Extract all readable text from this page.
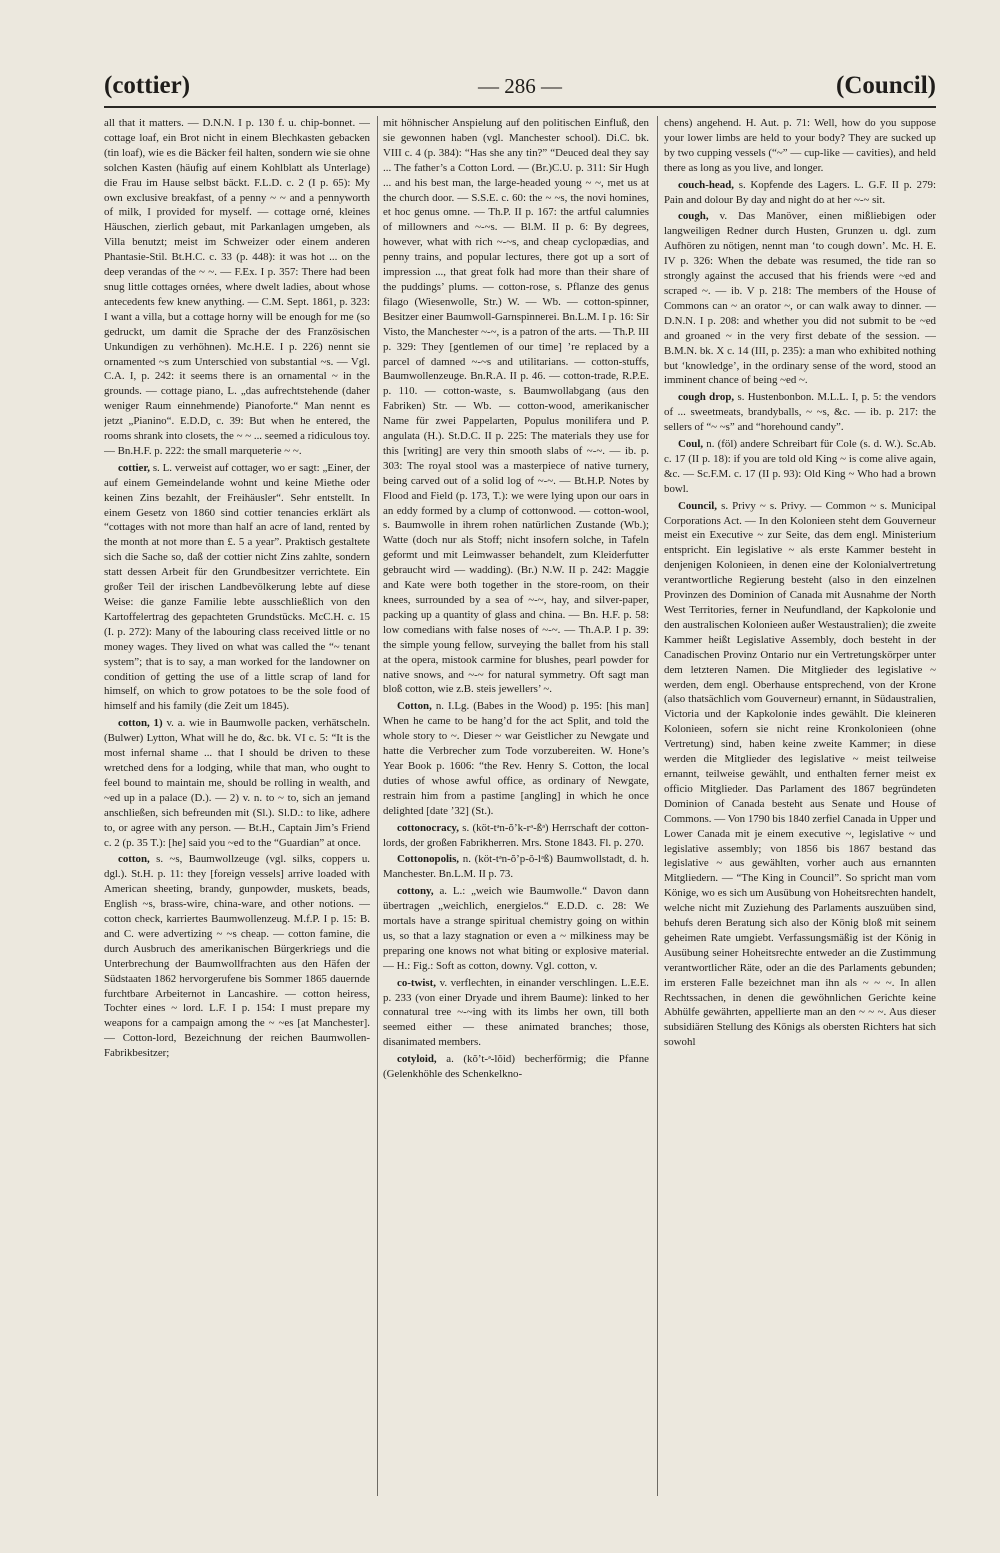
(cottier)	— 286 —	(Council)

all that it matters. — D.N.N. I p. 130 f. u. chip-bonnet. — cottage loaf, ein Brot nicht in einem Blechkasten gebacken (tin loaf), wie es die Bäcker feil halten, sondern wie sie ohne solchen Kasten (häufig auf einem Kohlblatt als Unterlage) die Frau im Hause selbst bäckt. F.L.D. c. 2 (I p. 65): My own exclusive breakfast, of a penny ~ ~ and a pennyworth of milk, I provided for myself. — cottage orné, kleines Häuschen, zierlich gebaut, mit Parkanlagen umgeben, als Villa benutzt; meist im Schweizer oder einem anderen Phantasie-Stil. Bt.H.C. c. 33 (p. 448): it was hot ... on the deep verandas of the ~ ~. — F.Ex. I p. 357: There had been snug little cottages ornées, where dwelt ladies, about whose antecedents few knew anything. — C.M. Sept. 1861, p. 323: I want a villa, but a cottage horny will be enough for me (so gedruckt, um damit die Sprache der des Französischen Unkundigen zu verhöhnen). Mc.H.E. I p. 226) nennt sie ornamented ~s zum Unterschied von substantial ~s. — Vgl. C.A. I, p. 242: it seems there is an ornamental ~ in the grounds. — cottage piano, L. „das aufrechtstehende (daher weniger Raum einnehmende) Pianoforte.“ Man nennt es jetzt „Pianino“. E.D.D, c. 39: But when he entered, the rooms shrank into closets, the ~ ~ ... seemed a ridiculous toy. — Bn.H.F. p. 222: the small marqueterie ~ ~.

cottier, s. L. verweist auf cottager, wo er sagt: „Einer, der auf einem Gemeindelande wohnt und keine Miethe oder keinen Zins bezahlt, der Freihäusler“. Sehr entstellt. In einem Gesetz von 1860 sind cottier tenancies erklärt als “cottages with not more than half an acre of land, rented by the month at not more than £. 5 a year”. Praktisch gestaltete sich die Sache so, daß der cottier nicht Zins zahlte, sondern statt dessen Arbeit für den Grundbesitzer verrichtete. Ein großer Teil der irischen Landbevölkerung lebte auf diese Weise: die ganze Familie lebte ausschließlich von den Kartoffelertrag des gepachteten Grundstücks. McC.H. c. 15 (I. p. 272): Many of the labouring class received little or no money wages. They lived on what was called the “~ tenant system”; that is to say, a man worked for the landowner on condition of getting the use of a little scrap of land for himself, on which to grow potatoes to be the sole food of himself and his family (die Zeit um 1845).

cotton, 1) v. a. wie in Baumwolle packen, verhätscheln. (Bulwer) Lytton, What will he do, &c. bk. VI c. 5: “It is the most infernal shame ... that I should be driven to these wretched dens for a lodging, while that man, who ought to feel bound to maintain me, should be rolling in wealth, and ~ed up in a palace (D.). — 2) v. n. to ~ to, sich an jemand anschließen, sich befreunden mit (Sl.). Sl.D.: to like, adhere to, or agree with any person. — Bt.H., Captain Jim’s Friend c. 2 (p. 35 T.): [he] said you ~ed to the “Guardian” at once.

cotton, s. ~s, Baumwollzeuge (vgl. silks, coppers u. dgl.). St.H. p. 11: they [foreign vessels] arrive loaded with American sheeting, brandy, gunpowder, muskets, beads, English ~s, brass-wire, china-ware, and other notions. — cotton check, karriertes Baumwollenzeug. M.f.P. I p. 15: B. and C. were advertizing ~ ~s cheap. — cotton famine, die durch Ausbruch des amerikanischen Bürgerkriegs und die Unterbrechung der Baumwollfrachten aus den Häfen der Südstaaten 1862 hervorgerufene bis Sommer 1865 dauernde furchtbare Arbeiternot in Lancashire. — cotton heiress, Tochter eines ~ lord. L.F. I p. 154: I must prepare my weapons for a campaign among the ~ ~es [at Manchester]. — Cotton-lord, Bezeichnung der reichen Baumwollen-Fabrikbesitzer;

mit höhnischer Anspielung auf den politischen Einfluß, den sie gewonnen haben (vgl. Manchester school). Di.C. bk. VIII c. 4 (p. 384): “Has she any tin?” “Deuced deal they say ... The father’s a Cotton Lord. — (Br.)C.U. p. 311: Sir Hugh ... and his best man, the large-headed young ~ ~, met us at the church door. — S.S.E. c. 60: the ~ ~s, the novi homines, et hoc genus omne. — Th.P. II p. 167: the artful calumnies of millowners and ~-~s. — Bl.M. II p. 6: By degrees, however, what with rich ~-~s, and cheap cyclopædias, and penny trains, and popular lectures, there got up a sort of impression ..., that great folk had more than their share of the puddings’ plums. — cotton-rose, s. Pflanze des genus filago (Wiesenwolle, Str.) W. — Wb. — cotton-spinner, Besitzer einer Baumwoll-Garnspinnerei. Bn.L.M. I p. 16: Sir Visto, the Manchester ~-~, is a patron of the arts. — Th.P. III p. 329: They [gentlemen of our time] ’re replaced by a parcel of damned ~-~s and utilitarians. — cotton-stuffs, Baumwollenzeuge. Bn.R.A. II p. 46. — cotton-trade, R.P.E. p. 110. — cotton-waste, s. Baumwollabgang (aus den Fabriken) Str. — Wb. — cotton-wood, amerikanischer Name für zwei Pappelarten, Populus monilifera und P. angulata (H.). St.D.C. II p. 225: The materials they use for this [writing] are very thin smooth slabs of ~-~. — ib. p. 303: The royal stool was a masterpiece of native turnery, being carved out of a solid log of ~-~. — Bt.H.P. Notes by Flood and Field (p. 173, T.): we were lying upon our oars in an eddy formed by a clump of cottonwood. — cotton-wool, s. Baumwolle in ihrem rohen natürlichen Zustande (Wb.); Watte (doch nur als Stoff; nicht insofern solche, in Tafeln geformt und mit Leimwasser behandelt, zum Kleiderfutter gebraucht wird — wadding). (Br.) N.W. II p. 242: Maggie and Kate were both together in the store-room, on their knees, surrounded by a sea of ~-~, hay, and silver-paper, packing up a quantity of glass and china. — Bn. H.F. p. 58: low comedians with false noses of ~-~. — Th.A.P. I p. 39: the simple young fellow, surveying the ballet from his stall at the opera, mistook carmine for blushes, pearl powder for native snows, and ~-~ for natural symmetry. Oft sagt man bloß cotton, wie z.B. steis jewellers’ ~.

Cotton, n. I.Lg. (Babes in the Wood) p. 195: [his man] When he came to be hang’d for the act Split, and told the whole story to ~. Dieser ~ war Geistlicher zu Newgate und hatte die Verbrecher zum Tode vorzubereiten. W. Hone’s Year Book p. 1606: “the Rev. Henry S. Cotton, the local duties of whose awful office, as ordinary of Newgate, restrain him from a pastime [angling] in which he once delighted [date ’32] (St.).

cottonocracy, s. (köt-tᵊn-ŏ’k-rᵊ-ßᵊ) Herrschaft der cotton-lords, der großen Fabrikherren. Mrs. Stone 1843. Fl. p. 270.

Cottonopolis, n. (köt-tᵊn-ŏ’p-ŏ-lᵊß) Baumwollstadt, d. h. Manchester. Bn.L.M. II p. 73.

cottony, a. L.: „weich wie Baumwolle.“ Davon dann übertragen „weichlich, energielos.“ E.D.D. c. 28: We mortals have a strange spiritual chemistry going on within us, so that a lazy stagnation or even a ~ milkiness may be preparing one knows not what biting or explosive material. — H.: Fig.: Soft as cotton, downy. Vgl. cotton, v.

co-twist, v. verflechten, in einander verschlingen. L.E.E. p. 233 (von einer Dryade und ihrem Baume): linked to her connatural tree ~-~ing with its limbs her own, till both seemed either — these animated branches; those, disanimated members.

cotyloid, a. (kŏ’t-ᵊ-lŏid) becherförmig; die Pfanne (Gelenkhöhle des Schenkelkno-

chens) angehend. H. Aut. p. 71: Well, how do you suppose your lower limbs are held to your body? They are sucked up by two cupping vessels (“~” — cup-like — cavities), and held there as long as you live, and longer.

couch-head, s. Kopfende des Lagers. L. G.F. II p. 279: Pain and dolour By day and night do at her ~-~ sit.

cough, v. Das Manöver, einen mißliebigen oder langweiligen Redner durch Husten, Grunzen u. dgl. zum Aufhören zu nötigen, nennt man ‘to cough down’. Mc. H. E. IV p. 326: When the debate was resumed, the tide ran so strongly against the accused that his friends were ~ed and scraped ~. — ib. V p. 218: The members of the House of Commons can ~ an orator ~, or can walk away to dinner. — D.N.N. I p. 208: and whether you did not submit to be ~ed and groaned ~ in the very first debate of the session. — B.M.N. bk. X c. 14 (III, p. 235): a man who exhibited nothing but ‘knowledge’, in the ordinary sense of the word, stood an imminent chance of being ~ed ~.

cough drop, s. Hustenbonbon. M.L.L. I, p. 5: the vendors of ... sweetmeats, brandyballs, ~ ~s, &c. — ib. p. 217: the sellers of “~ ~s” and “horehound candy”.

Coul, n. (föl) andere Schreibart für Cole (s. d. W.). Sc.Ab. c. 17 (II p. 18): if you are told old King ~ is come alive again, &c. — Sc.F.M. c. 17 (II p. 93): Old King ~ Who had a brown bowl.

Council, s. Privy ~ s. Privy. — Common ~ s. Municipal Corporations Act. — In den Kolonieen steht dem Gouverneur meist ein Executive ~ zur Seite, das dem engl. Ministerium entspricht. Ein legislative ~ als erste Kammer besteht in denjenigen Kolonieen, in denen eine der Kolonialvertretung verantwortliche Regierung besteht (also in den einzelnen Provinzen des Dominion of Canada mit Ausnahme der North West Territories, ferner in Neufundland, der Kapkolonie und den australischen Kolonieen außer Westaustralien); die zweite Kammer heißt Legislative Assembly, doch besteht in der Canadischen Provinz Ontario nur ein Vertretungskörper unter dem letzteren Namen. Die Mitglieder des legislative ~ werden, dem engl. Oberhause entsprechend, von der Krone (also thatsächlich vom Gouverneur) ernannt, in Südaustralien, Victoria und der Kapkolonie indes gewählt. Die kleineren Kolonieen, sofern sie nicht reine Kronkolonieen (ohne Vertretung) sind, haben keine zweite Kammer; in diese werden die Mitglieder des legislative ~ meist teilweise ernannt, teilweise gewählt, und enthalten ferner meist ex officio Mitglieder. Das Parlament des 1867 begründeten Dominion of Canada besteht aus Senate und House of Commons. — Von 1790 bis 1840 zerfiel Canada in Upper und Lower Canada mit je einem executive ~, legislative ~ und legislative assembly; von 1856 bis 1867 bestand das legislative ~ aus gewählten, vorher auch aus ernannten Mitgliedern. — “The King in Council”. So spricht man vom Könige, wo es sich um Ausübung von Hoheitsrechten handelt, welche nicht mit Zuziehung des Parlaments auszuüben sind, behufs deren Beratung sich also der König bloß mit seinem geheimen Rate umgiebt. Verfassungsmäßig ist der König in Ausübung seiner Hoheitsrechte entweder an die Zustimmung verantwortlicher Räte, oder an die des Parlaments gebunden; im ersteren Falle bezeichnet man ihn als ~ ~ ~. In allen Rechtssachen, in denen die gewöhnlichen Gerichte keine Abhülfe gewährten, appellierte man an den ~ ~ ~. Aus dieser subsidiären Stellung des Königs als obersten Richters hat sich sowohl
